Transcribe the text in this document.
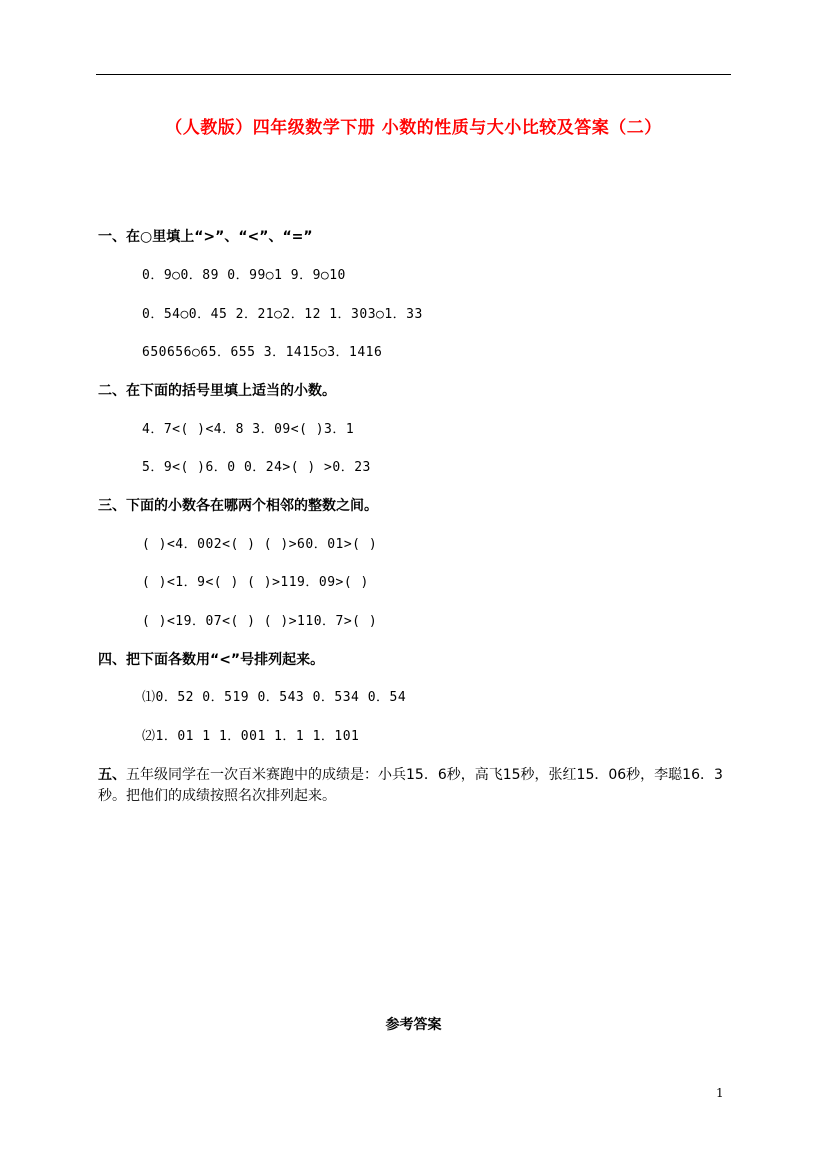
（人教版）四年级数学下册 小数的性质与大小比较及答案（二）
一、在○里填上“>”、“<”、“=”
0．9○0．89 0．99○1 9．9○10
0．54○0．45 2．21○2．12 1．303○1．33
650656○65．655 3．1415○3．1416
二、在下面的括号里填上适当的小数。
4．7<( )<4．8 3．09<( )3．1
5．9<( )6．0 0．24>( ) >0．23
三、下面的小数各在哪两个相邻的整数之间。
( )<4．002<( ) ( )>60．01>( )
( )<1．9<( ) ( )>119．09>( )
( )<19．07<( ) ( )>110．7>( )
四、把下面各数用“<”号排列起来。
⑴0．52 0．519 0．543 0．534 0．54
⑵1．01 1 1．001 1．1 1．101
五、五年级同学在一次百米赛跑中的成绩是：小兵15．6秒，高飞15秒，张红15．06秒，李聪16．3秒。把他们的成绩按照名次排列起来。
参考答案
1
